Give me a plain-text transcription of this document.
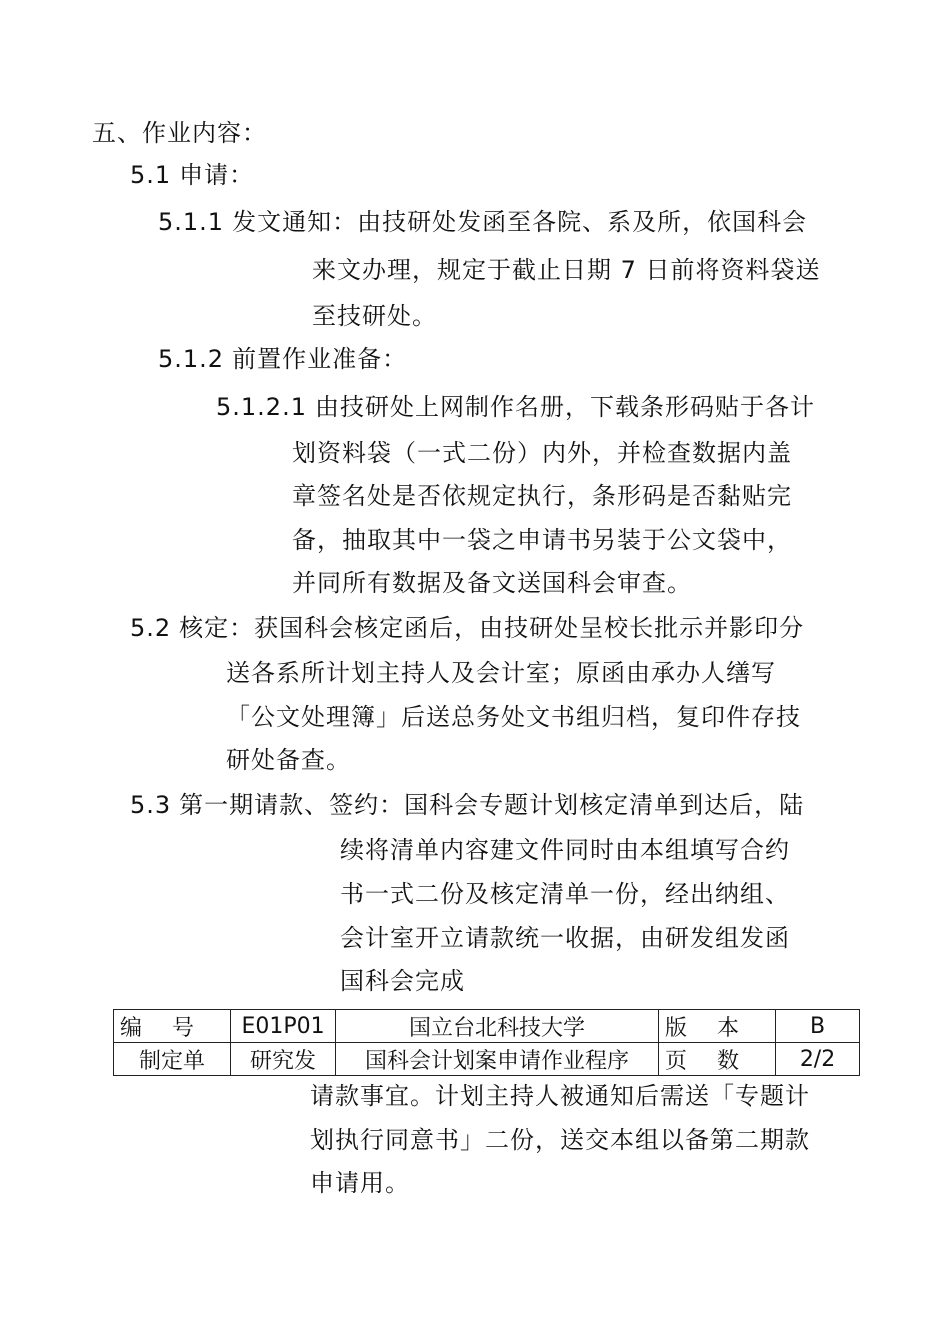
五、作业内容：
5.1 申请：
5.1.1 发文通知：由技研处发函至各院、系及所，依国科会
来文办理，规定于截止日期 7 日前将资料袋送
至技研处。
5.1.2 前置作业准备：
5.1.2.1 由技研处上网制作名册，下载条形码贴于各计
划资料袋（一式二份）内外，并检查数据内盖
章签名处是否依规定执行，条形码是否黏贴完
备，抽取其中一袋之申请书另装于公文袋中，
并同所有数据及备文送国科会审查。
5.2 核定：获国科会核定函后，由技研处呈校长批示并影印分
送各系所计划主持人及会计室；原函由承办人缮写
「公文处理簿」后送总务处文书组归档，复印件存技
研处备查。
5.3 第一期请款、签约：国科会专题计划核定清单到达后，陆
续将清单内容建文件同时由本组填写合约
书一式二份及核定清单一份，经出纳组、
会计室开立请款统一收据，由研发组发函
国科会完成
编号	E01P01	国立台北科技大学	版本	B
制定单	研究发	国科会计划案申请作业程序	页数	2/2
请款事宜。计划主持人被通知后需送「专题计
划执行同意书」二份，送交本组以备第二期款
申请用。
